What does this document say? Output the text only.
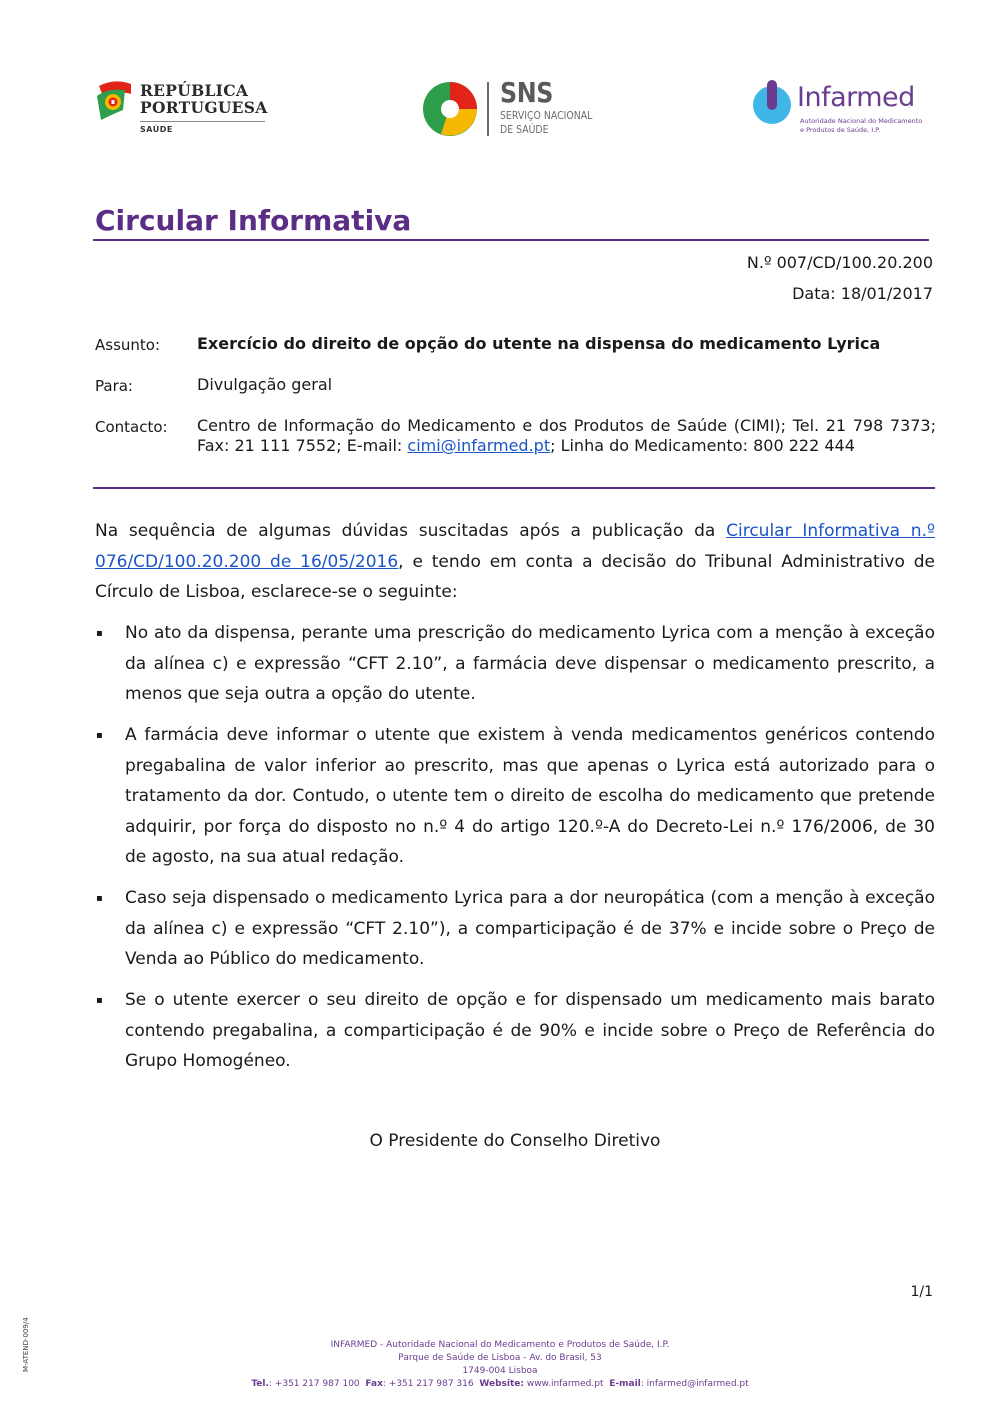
REPÚBLICA
PORTUGUESA
SAÚDE
SNS
SERVIÇO NACIONAL
DE SAÚDE
Infarmed
Autoridade Nacional do Medicamento
e Produtos de Saúde, I.P.
Circular Informativa
N.º 007/CD/100.20.200
Data: 18/01/2017
Assunto: Exercício do direito de opção do utente na dispensa do medicamento Lyrica
Para:	Divulgação geral
Contacto: Centro de Informação do Medicamento e dos Produtos de Saúde (CIMI); Tel. 21 798 7373; Fax: 21 111 7552; E-mail: cimi@infarmed.pt; Linha do Medicamento: 800 222 444
Na sequência de algumas dúvidas suscitadas após a publicação da Circular Informativa n.º 076/CD/100.20.200 de 16/05/2016, e tendo em conta a decisão do Tribunal Administrativo de Círculo de Lisboa, esclarece-se o seguinte:
▪ No ato da dispensa, perante uma prescrição do medicamento Lyrica com a menção à exceção da alínea c) e expressão “CFT 2.10”, a farmácia deve dispensar o medicamento prescrito, a menos que seja outra a opção do utente.
▪ A farmácia deve informar o utente que existem à venda medicamentos genéricos contendo pregabalina de valor inferior ao prescrito, mas que apenas o Lyrica está autorizado para o tratamento da dor. Contudo, o utente tem o direito de escolha do medicamento que pretende adquirir, por força do disposto no n.º 4 do artigo 120.º-A do Decreto-Lei n.º 176/2006, de 30 de agosto, na sua atual redação.
▪ Caso seja dispensado o medicamento Lyrica para a dor neuropática (com a menção à exceção da alínea c) e expressão “CFT 2.10”), a comparticipação é de 37% e incide sobre o Preço de Venda ao Público do medicamento.
▪ Se o utente exercer o seu direito de opção e for dispensado um medicamento mais barato contendo pregabalina, a comparticipação é de 90% e incide sobre o Preço de Referência do Grupo Homogéneo.
O Presidente do Conselho Diretivo
1/1
M-ATEND-009/4	INFARMED - Autoridade Nacional do Medicamento e Produtos de Saúde, I.P.
Parque de Saúde de Lisboa - Av. do Brasil, 53
1749-004 Lisboa
Tel.: +351 217 987 100 Fax: +351 217 987 316 Website: www.infarmed.pt E-mail: infarmed@infarmed.pt
